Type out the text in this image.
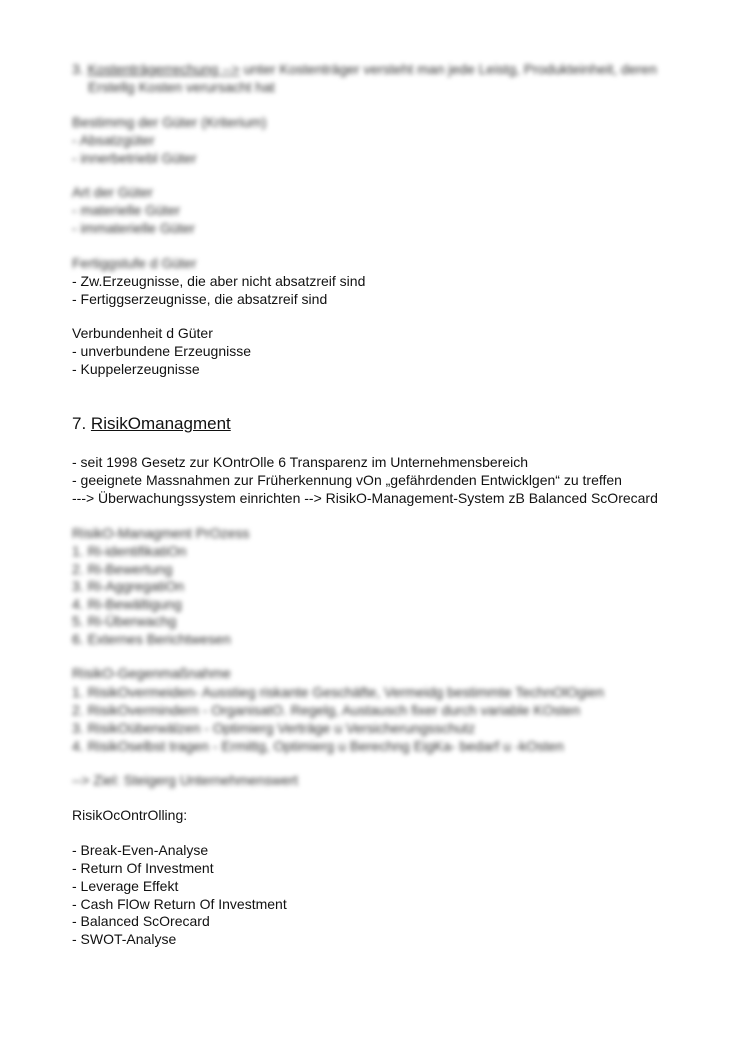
3. Kostenträgerrechung --> unter Kostenträger versteht man jede Leistg, Produkteinheit, deren
Erstellg Kosten verursacht hat
Bestimmg der Güter (Kriterium)
- Absatzgüter
- innerbetriebl Güter
Art der Güter
- materielle Güter
- immaterielle Güter
Fertiggstufe d Güter
- Zw.Erzeugnisse, die aber nicht absatzreif sind
- Fertiggserzeugnisse, die absatzreif sind
Verbundenheit d Güter
- unverbundene Erzeugnisse
- Kuppelerzeugnisse
7. RisikOmanagment
- seit 1998 Gesetz zur KOntrOlle 6 Transparenz im Unternehmensbereich
- geeignete Massnahmen zur Früherkennung vOn „gefährdenden Entwicklgen“ zu treffen
---> Überwachungssystem einrichten --> RisikO-Management-System zB Balanced ScOrecard
RisikO-Managment PrOzess
1. Ri-identifikatiOn
2. Ri-Bewertung
3. Ri-AggregatiOn
4. Ri-Bewältigung
5. Ri-Überwachg
6. Externes Berichtwesen
RisikO-Gegenmaßnahme
1. RisikOvermeiden- Ausstieg riskante Geschäfte, Vermeidg bestimmte TechnOlOgien
2. RisikOvermindern - OrganisatO. Regelg, Austausch fixer durch variable KOsten
3. RisikOüberwälzen - Optimierg Verträge u Versicherungsschutz
4. RisikOselbst tragen - Ermittg, Optimierg u Berechng EigKa- bedarf u -kOsten
--> Ziel: Steigerg Unternehmenswert
RisikOcOntrOlling:
- Break-Even-Analyse
- Return Of Investment
- Leverage Effekt
- Cash FlOw Return Of Investment
- Balanced ScOrecard
- SWOT-Analyse
